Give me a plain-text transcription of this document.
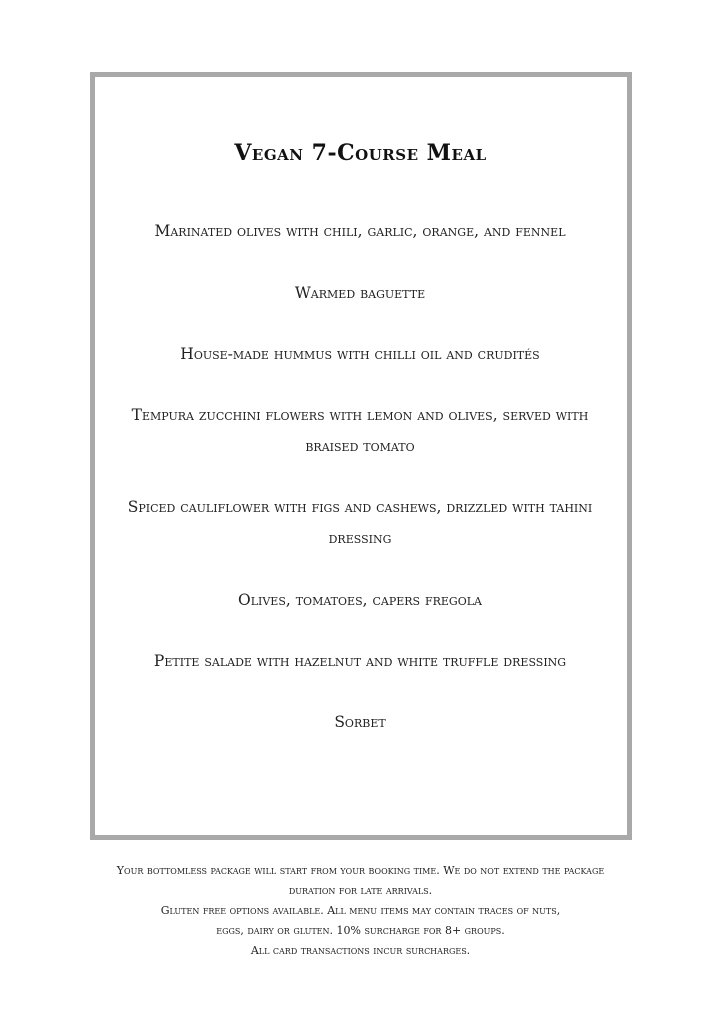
Vegan 7-Course Meal
Marinated olives with chili, garlic, orange, and fennel
Warmed baguette
House-made hummus with chilli oil and crudités
Tempura zucchini flowers with lemon and olives, served with braised tomato
Spiced cauliflower with figs and cashews, drizzled with tahini dressing
Olives, tomatoes, capers fregola
Petite salade with hazelnut and white truffle dressing
Sorbet
Your bottomless package will start from your booking time. We do not extend the package
duration for late arrivals.
Gluten free options available. All menu items may contain traces of nuts,
eggs, dairy or gluten. 10% surcharge for 8+ groups.
All card transactions incur surcharges.
